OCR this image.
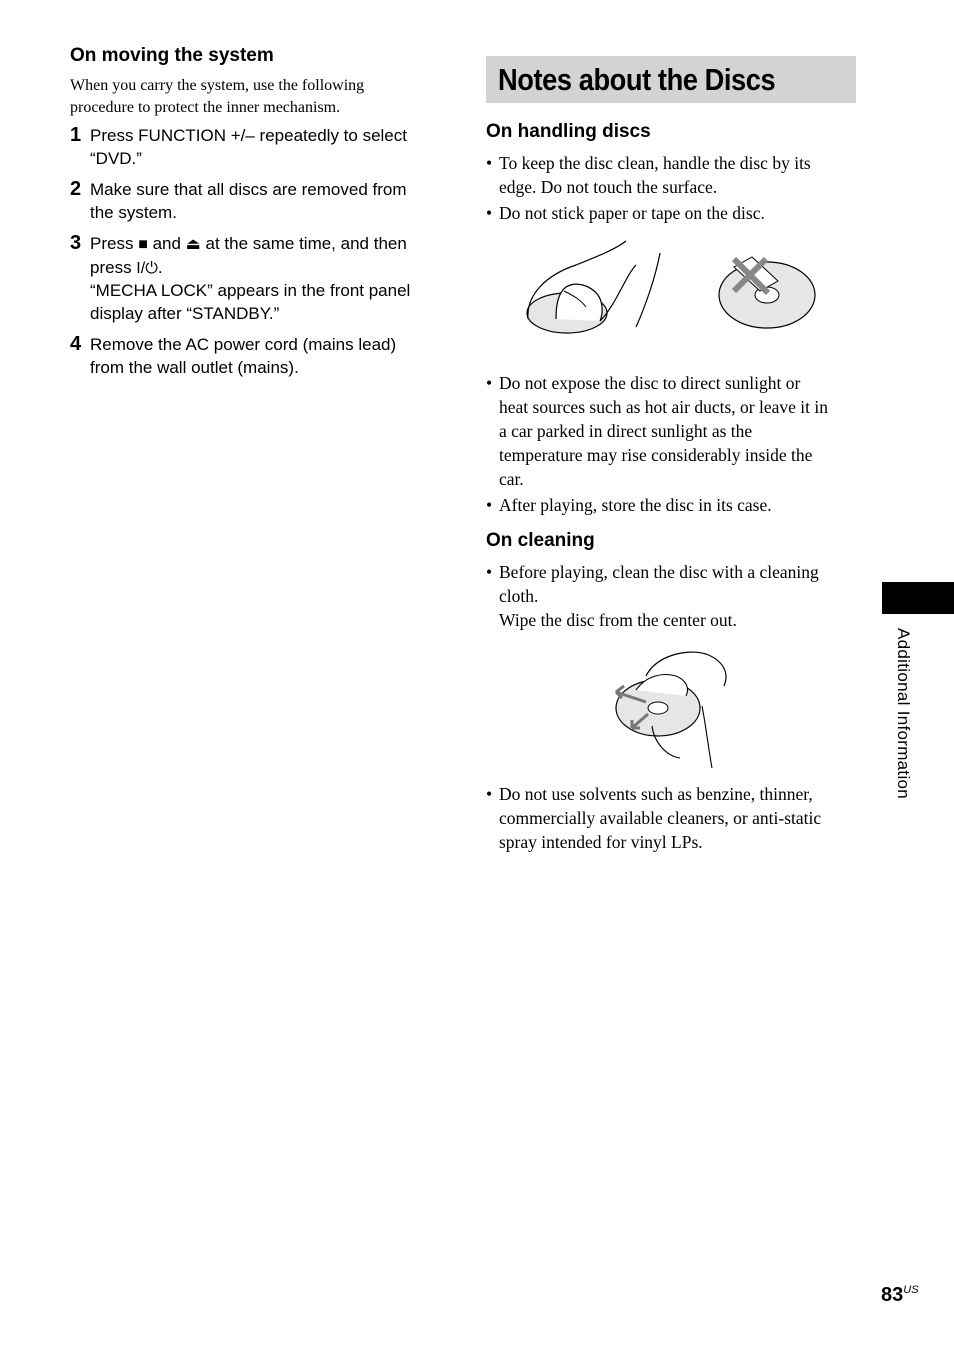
On moving the system

When you carry the system, use the following
procedure to protect the inner mechanism.

1 Press FUNCTION +/– repeatedly to select
“DVD.”
2 Make sure that all discs are removed from
the system.
3 Press ■ and ⏏ at the same time, and then
press I/⏻.
“MECHA LOCK” appears in the front panel
display after “STANDBY.”
4 Remove the AC power cord (mains lead)
from the wall outlet (mains).
Notes about the Discs
On handling discs
• To keep the disc clean, handle the disc by its
edge. Do not touch the surface.
• Do not stick paper or tape on the disc.
• Do not expose the disc to direct sunlight or
heat sources such as hot air ducts, or leave it in
a car parked in direct sunlight as the
temperature may rise considerably inside the
car.
• After playing, store the disc in its case.
On cleaning
• Before playing, clean the disc with a cleaning
cloth.
Wipe the disc from the center out.
• Do not use solvents such as benzine, thinner,
commercially available cleaners, or anti-static
spray intended for vinyl LPs.
Additional Information
$83^{US}$
